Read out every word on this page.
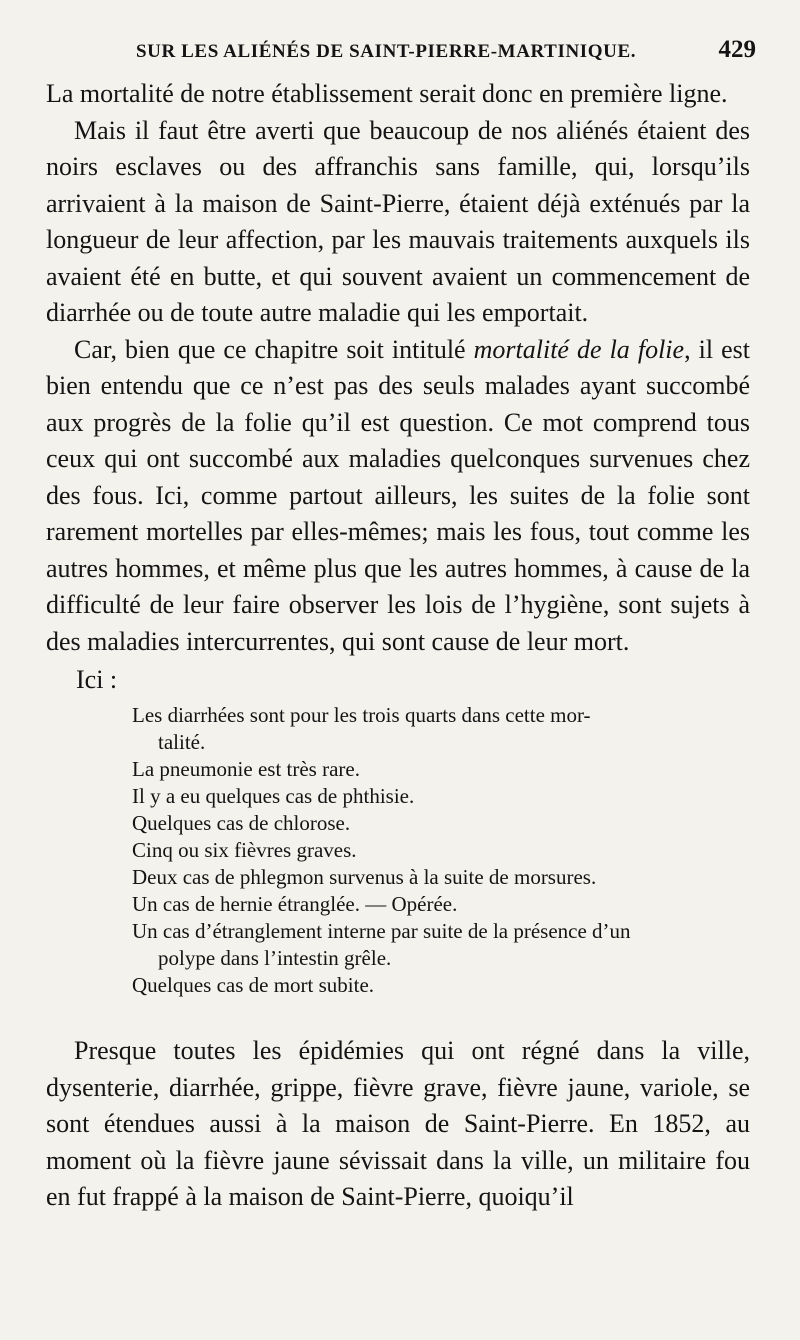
SUR LES ALIÉNÉS DE SAINT-PIERRE-MARTINIQUE.	429

La mortalité de notre établissement serait donc en première ligne.

Mais il faut être averti que beaucoup de nos aliénés étaient des noirs esclaves ou des affranchis sans famille, qui, lorsqu’ils arrivaient à la maison de Saint-Pierre, étaient déjà exténués par la longueur de leur affection, par les mauvais traitements auxquels ils avaient été en butte, et qui souvent avaient un commencement de diarrhée ou de toute autre maladie qui les emportait.

Car, bien que ce chapitre soit intitulé mortalité de la folie, il est bien entendu que ce n’est pas des seuls malades ayant succombé aux progrès de la folie qu’il est question. Ce mot comprend tous ceux qui ont succombé aux maladies quelconques survenues chez des fous. Ici, comme partout ailleurs, les suites de la folie sont rarement mortelles par elles-mêmes; mais les fous, tout comme les autres hommes, et même plus que les autres hommes, à cause de la difficulté de leur faire observer les lois de l’hygiène, sont sujets à des maladies intercurrentes, qui sont cause de leur mort.

Ici :
Les diarrhées sont pour les trois quarts dans cette mor-
talité.
La pneumonie est très rare.
Il y a eu quelques cas de phthisie.
Quelques cas de chlorose.
Cinq ou six fièvres graves.
Deux cas de phlegmon survenus à la suite de morsures.
Un cas de hernie étranglée. — Opérée.
Un cas d’étranglement interne par suite de la présence d’un
polype dans l’intestin grêle.
Quelques cas de mort subite.

Presque toutes les épidémies qui ont régné dans la ville, dysenterie, diarrhée, grippe, fièvre grave, fièvre jaune, variole, se sont étendues aussi à la maison de Saint-Pierre. En 1852, au moment où la fièvre jaune sévissait dans la ville, un militaire fou en fut frappé à la maison de Saint-Pierre, quoiqu’il
